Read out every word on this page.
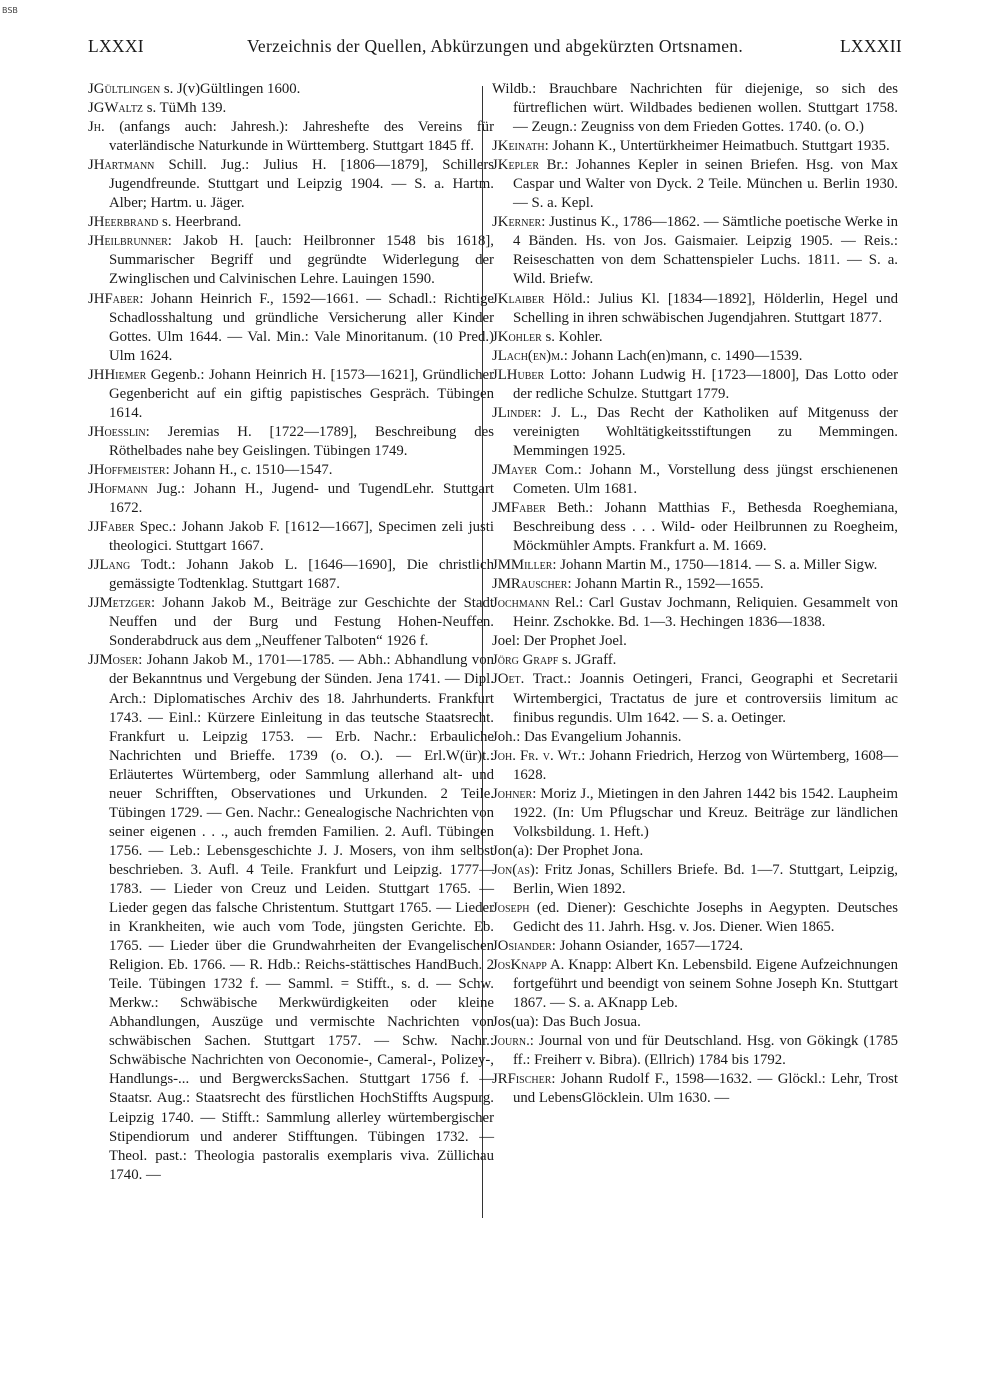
BSB
LXXXI	Verzeichnis der Quellen, Abkürzungen und abgekürzten Ortsnamen.	LXXXII
JGültlingen s. J(v)Gültlingen 1600.
JGWaltz s. TüMh 139.
Jh. (anfangs auch: Jahresh.): Jahreshefte des Vereins für vaterländische Naturkunde in Württemberg. Stuttgart 1845 ff.
JHartmann Schill. Jug.: Julius H. [1806—1879], Schillers Jugendfreunde. Stuttgart und Leipzig 1904. — S. a. Hartm. Alber; Hartm. u. Jäger.
JHeerbrand s. Heerbrand.
JHeilbrunner: Jakob H. [auch: Heilbronner 1548 bis 1618], Summarischer Begriff und gegründte Widerlegung der Zwinglischen und Calvinischen Lehre. Lauingen 1590.
JHFaber: Johann Heinrich F., 1592—1661. — Schadl.: Richtige Schadlosshaltung und gründliche Versicherung aller Kinder Gottes. Ulm 1644. — Val. Min.: Vale Minoritanum. (10 Pred.) Ulm 1624.
JHHiemer Gegenb.: Johann Heinrich H. [1573—1621], Gründlicher Gegenbericht auf ein giftig papistisches Gespräch. Tübingen 1614.
JHoesslin: Jeremias H. [1722—1789], Beschreibung des Röthelbades nahe bey Geislingen. Tübingen 1749.
JHoffmeister: Johann H., c. 1510—1547.
JHofmann Jug.: Johann H., Jugend- und TugendLehr. Stuttgart 1672.
JJFaber Spec.: Johann Jakob F. [1612—1667], Specimen zeli justi theologici. Stuttgart 1667.
JJLang Todt.: Johann Jakob L. [1646—1690], Die christlich gemässigte Todtenklag. Stuttgart 1687.
JJMetzger: Johann Jakob M., Beiträge zur Geschichte der Stadt Neuffen und der Burg und Festung Hohen-Neuffen. Sonderabdruck aus dem „Neuffener Talboten“ 1926 f.
JJMoser: Johann Jakob M., 1701—1785. — Abh.: Abhandlung von der Bekanntnus und Vergebung der Sünden. Jena 1741. — Dipl. Arch.: Diplomatisches Archiv des 18. Jahrhunderts. Frankfurt 1743. — Einl.: Kürzere Einleitung in das teutsche Staatsrecht. Frankfurt u. Leipzig 1753. — Erb. Nachr.: Erbauliche Nachrichten und Brieffe. 1739 (o. O.). — Erl.W(ür)t.: Erläutertes Würtemberg, oder Sammlung allerhand alt- und neuer Schrifften, Observationes und Urkunden. 2 Teile. Tübingen 1729. — Gen. Nachr.: Genealogische Nachrichten von seiner eigenen . . ., auch fremden Familien. 2. Aufl. Tübingen 1756. — Leb.: Lebensgeschichte J. J. Mosers, von ihm selbst beschrieben. 3. Aufl. 4 Teile. Frankfurt und Leipzig. 1777—1783. — Lieder von Creuz und Leiden. Stuttgart 1765. — Lieder gegen das falsche Christentum. Stuttgart 1765. — Lieder in Krankheiten, wie auch vom Tode, jüngsten Gerichte. Eb. 1765. — Lieder über die Grundwahrheiten der Evangelischen Religion. Eb. 1766. — R. Hdb.: Reichs-stättisches HandBuch. 2 Teile. Tübingen 1732 f. — Samml. = Stifft., s. d. — Schw. Merkw.: Schwäbische Merkwürdigkeiten oder kleine Abhandlungen, Auszüge und vermischte Nachrichten von schwäbischen Sachen. Stuttgart 1757. — Schw. Nachr.: Schwäbische Nachrichten von Oeconomie-, Cameral-, Polizey-, Handlungs-... und BergwercksSachen. Stuttgart 1756 f. — Staatsr. Aug.: Staatsrecht des fürstlichen HochStiffts Augspurg. Leipzig 1740. — Stifft.: Sammlung allerley würtembergischer Stipendiorum und anderer Stifftungen. Tübingen 1732. — Theol. past.: Theologia pastoralis exemplaris viva. Züllichau 1740. —
Wildb.: Brauchbare Nachrichten für diejenige, so sich des fürtreflichen würt. Wildbades bedienen wollen. Stuttgart 1758. — Zeugn.: Zeugniss von dem Frieden Gottes. 1740. (o. O.)
JKeinath: Johann K., Untertürkheimer Heimatbuch. Stuttgart 1935.
JKepler Br.: Johannes Kepler in seinen Briefen. Hsg. von Max Caspar und Walter von Dyck. 2 Teile. München u. Berlin 1930. — S. a. Kepl.
JKerner: Justinus K., 1786—1862. — Sämtliche poetische Werke in 4 Bänden. Hs. von Jos. Gaismaier. Leipzig 1905. — Reis.: Reiseschatten von dem Schattenspieler Luchs. 1811. — S. a. Wild. Briefw.
JKlaiber Höld.: Julius Kl. [1834—1892], Hölderlin, Hegel und Schelling in ihren schwäbischen Jugendjahren. Stuttgart 1877.
JKohler s. Kohler.
JLach(en)m.: Johann Lach(en)mann, c. 1490—1539.
JLHuber Lotto: Johann Ludwig H. [1723—1800], Das Lotto oder der redliche Schulze. Stuttgart 1779.
JLinder: J. L., Das Recht der Katholiken auf Mitgenuss der vereinigten Wohltätigkeitsstiftungen zu Memmingen. Memmingen 1925.
JMayer Com.: Johann M., Vorstellung dess jüngst erschienenen Cometen. Ulm 1681.
JMFaber Beth.: Johann Matthias F., Bethesda Roeghemiana, Beschreibung dess . . . Wild- oder Heilbrunnen zu Roegheim, Möckmühler Ampts. Frankfurt a. M. 1669.
JMMiller: Johann Martin M., 1750—1814. — S. a. Miller Sigw.
JMRauscher: Johann Martin R., 1592—1655.
Jochmann Rel.: Carl Gustav Jochmann, Reliquien. Gesammelt von Heinr. Zschokke. Bd. 1—3. Hechingen 1836—1838.
Joel: Der Prophet Joel.
Jörg Grapf s. JGraff.
JOet. Tract.: Joannis Oetingeri, Franci, Geographi et Secretarii Wirtembergici, Tractatus de jure et controversiis limitum ac finibus regundis. Ulm 1642. — S. a. Oetinger.
Joh.: Das Evangelium Johannis.
Joh. Fr. v. Wt.: Johann Friedrich, Herzog von Würtemberg, 1608—1628.
Johner: Moriz J., Mietingen in den Jahren 1442 bis 1542. Laupheim 1922. (In: Um Pflugschar und Kreuz. Beiträge zur ländlichen Volksbildung. 1. Heft.)
Jon(a): Der Prophet Jona.
Jon(as): Fritz Jonas, Schillers Briefe. Bd. 1—7. Stuttgart, Leipzig, Berlin, Wien 1892.
Joseph (ed. Diener): Geschichte Josephs in Aegypten. Deutsches Gedicht des 11. Jahrh. Hsg. v. Jos. Diener. Wien 1865.
JOsiander: Johann Osiander, 1657—1724.
JosKnapp A. Knapp: Albert Kn. Lebensbild. Eigene Aufzeichnungen fortgeführt und beendigt von seinem Sohne Joseph Kn. Stuttgart 1867. — S. a. AKnapp Leb.
Jos(ua): Das Buch Josua.
Journ.: Journal von und für Deutschland. Hsg. von Gökingk (1785 ff.: Freiherr v. Bibra). (Ellrich) 1784 bis 1792.
JRFischer: Johann Rudolf F., 1598—1632. — Glöckl.: Lehr, Trost und LebensGlöcklein. Ulm 1630. —
